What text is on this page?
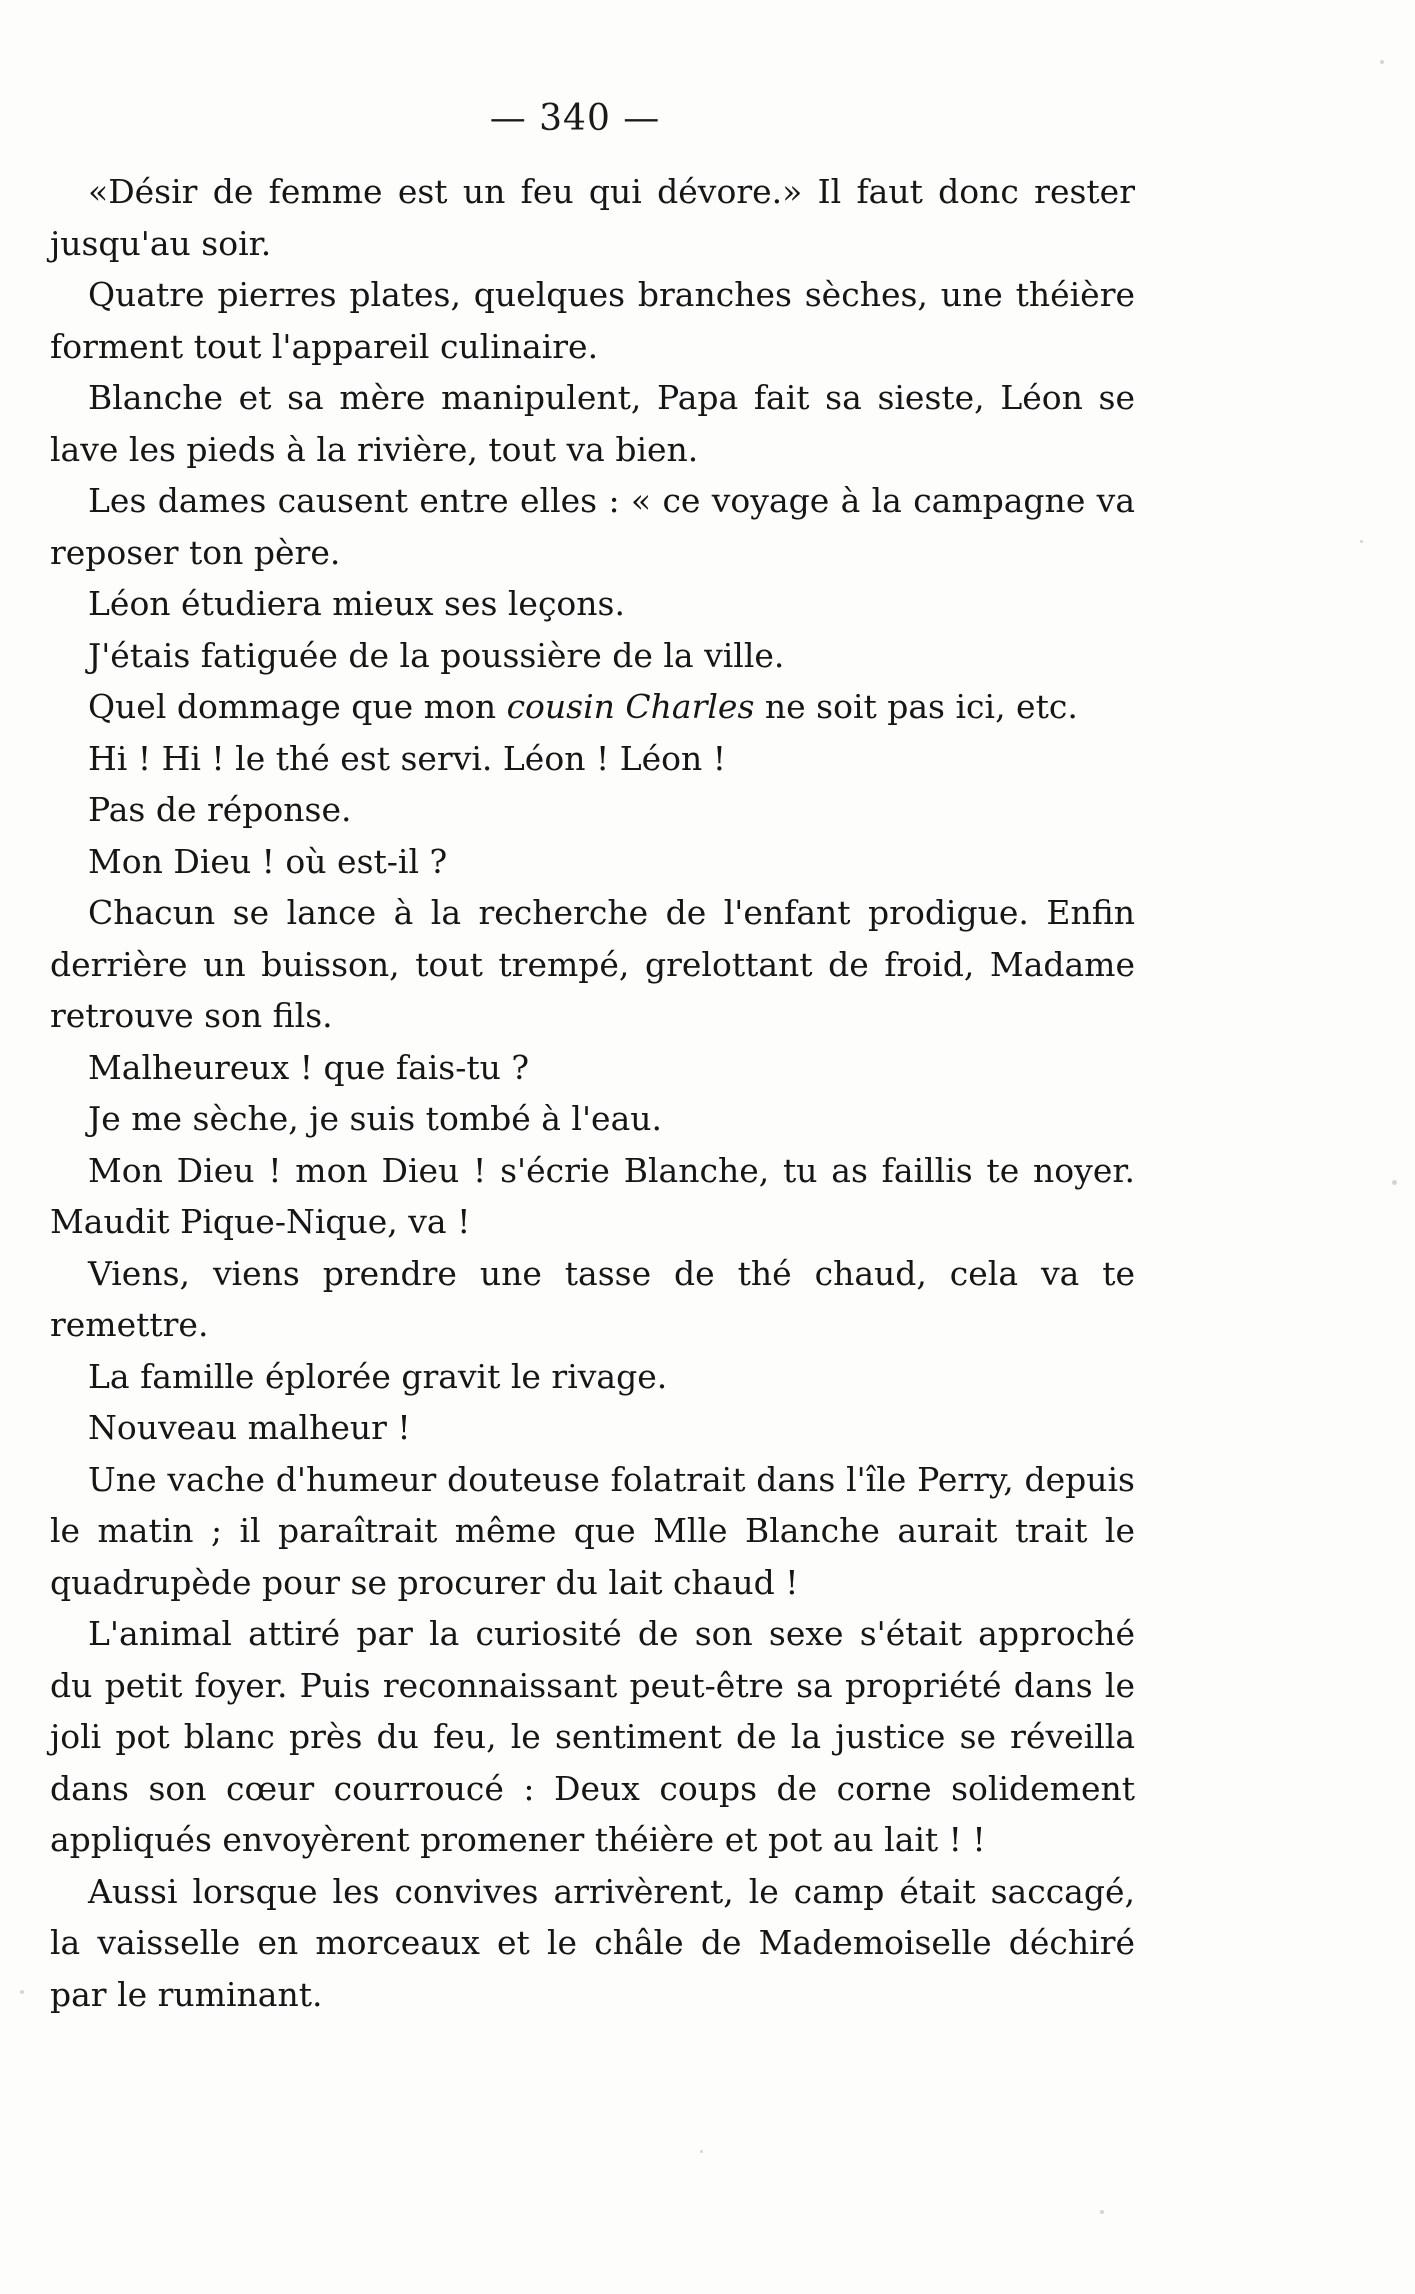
— 340 —

«Désir de femme est un feu qui dévore.» Il faut donc rester jusqu'au soir.

Quatre pierres plates, quelques branches sèches, une théière forment tout l'appareil culinaire.

Blanche et sa mère manipulent, Papa fait sa sieste, Léon se lave les pieds à la rivière, tout va bien.

Les dames causent entre elles : « ce voyage à la campagne va reposer ton père.

Léon étudiera mieux ses leçons.

J'étais fatiguée de la poussière de la ville.

Quel dommage que mon cousin Charles ne soit pas ici, etc.

Hi ! Hi ! le thé est servi. Léon ! Léon !

Pas de réponse.

Mon Dieu ! où est-il ?

Chacun se lance à la recherche de l'enfant prodigue. Enfin derrière un buisson, tout trempé, grelottant de froid, Madame retrouve son fils.

Malheureux ! que fais-tu ?

Je me sèche, je suis tombé à l'eau.

Mon Dieu ! mon Dieu ! s'écrie Blanche, tu as faillis te noyer. Maudit Pique-Nique, va !

Viens, viens prendre une tasse de thé chaud, cela va te remettre.

La famille éplorée gravit le rivage.

Nouveau malheur !

Une vache d'humeur douteuse folatrait dans l'île Perry, depuis le matin ; il paraîtrait même que Mlle Blanche aurait trait le quadrupède pour se procurer du lait chaud !

L'animal attiré par la curiosité de son sexe s'était approché du petit foyer. Puis reconnaissant peut-être sa propriété dans le joli pot blanc près du feu, le sentiment de la justice se réveilla dans son cœur courroucé : Deux coups de corne solidement appliqués envoyèrent promener théière et pot au lait ! !

Aussi lorsque les convives arrivèrent, le camp était saccagé, la vaisselle en morceaux et le châle de Mademoiselle déchiré par le ruminant.
